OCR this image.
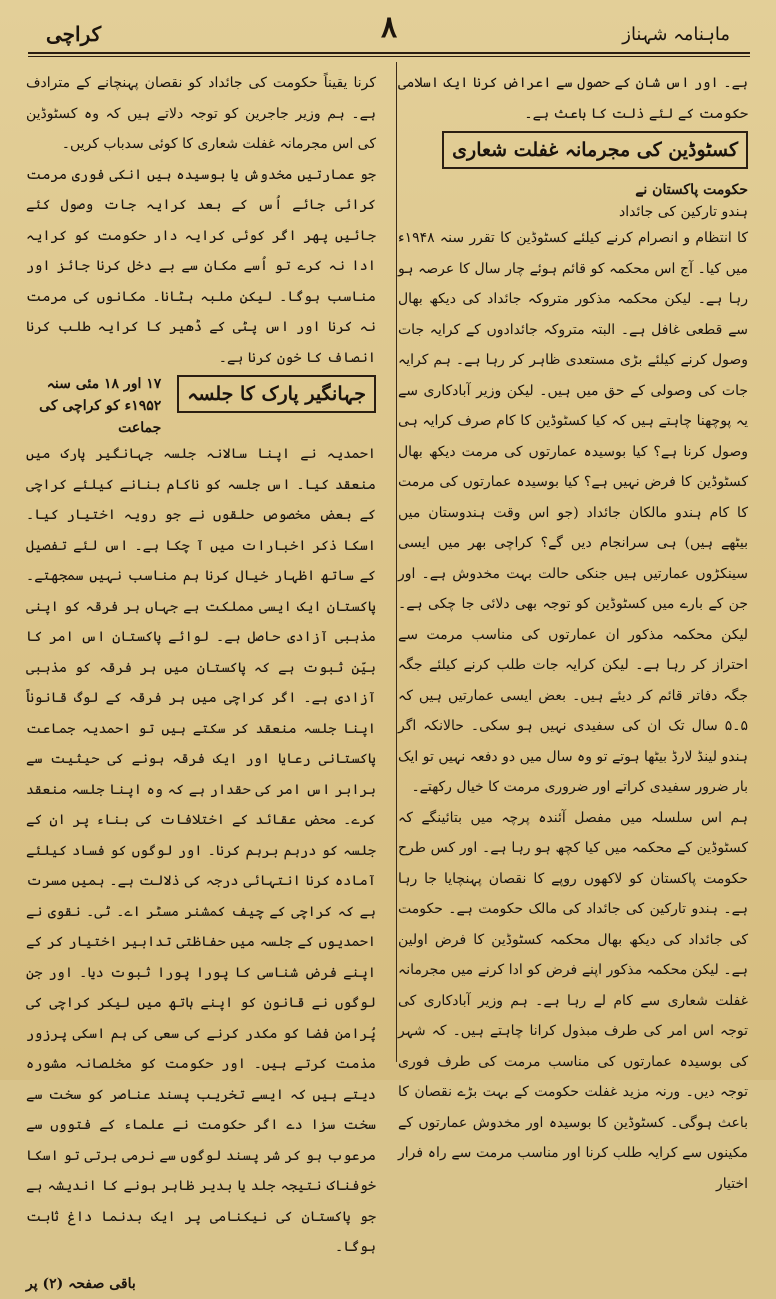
ماہنامہ شہناز
۸
کراچی

ہے۔ اور اس شان کے حصول سے اعراض کرنا ایک اسلامی حکومت کے لئے ذلت کا باعث ہے۔

کسٹوڈین کی مجرمانہ غفلت شعاری
حکومت پاکستان نے
ہندو تارکین کی جائداد

کا انتظام و انصرام کرنے کیلئے کسٹوڈین کا تقرر سنہ ۱۹۴۸ء میں کیا۔ آج اس محکمہ کو قائم ہوئے چار سال کا عرصہ ہو رہا ہے۔ لیکن محکمہ مذکور متروکہ جائداد کی دیکھ بھال سے قطعی غافل ہے۔ البتہ متروکہ جائدادوں کے کرایہ جات وصول کرنے کیلئے بڑی مستعدی ظاہر کر رہا ہے۔ ہم کرایہ جات کی وصولی کے حق میں ہیں۔ لیکن وزیر آبادکاری سے یہ پوچھنا چاہتے ہیں کہ کیا کسٹوڈین کا کام صرف کرایہ ہی وصول کرنا ہے؟ کیا بوسیدہ عمارتوں کی مرمت دیکھ بھال کسٹوڈین کا فرض نہیں ہے؟ کیا بوسیدہ عمارتوں کی مرمت کا کام ہندو مالکان جائداد (جو اس وقت ہندوستان میں بیٹھے ہیں) ہی سرانجام دیں گے؟ کراچی بھر میں ایسی سینکڑوں عمارتیں ہیں جنکی حالت بہت مخدوش ہے۔ اور جن کے بارے میں کسٹوڈین کو توجہ بھی دلائی جا چکی ہے۔ لیکن محکمہ مذکور ان عمارتوں کی مناسب مرمت سے احتراز کر رہا ہے۔ لیکن کرایہ جات طلب کرنے کیلئے جگہ جگہ دفاتر قائم کر دیئے ہیں۔ بعض ایسی عمارتیں ہیں کہ ۵۔۵ سال تک ان کی سفیدی نہیں ہو سکی۔ حالانکہ اگر ہندو لینڈ لارڈ بیٹھا ہوتے تو وہ سال میں دو دفعہ نہیں تو ایک بار ضرور سفیدی کراتے اور ضروری مرمت کا خیال رکھتے۔

ہم اس سلسلہ میں مفصل آئندہ پرچہ میں بتائینگے کہ کسٹوڈین کے محکمہ میں کیا کچھ ہو رہا ہے۔ اور کس طرح حکومت پاکستان کو لاکھوں روپے کا نقصان پہنچایا جا رہا ہے۔ ہندو تارکین کی جائداد کی مالک حکومت ہے۔ حکومت کی جائداد کی دیکھ بھال محکمہ کسٹوڈین کا فرض اولین ہے۔ لیکن محکمہ مذکور اپنے فرض کو ادا کرنے میں مجرمانہ غفلت شعاری سے کام لے رہا ہے۔ ہم وزیر آبادکاری کی توجہ اس امر کی طرف مبذول کرانا چاہتے ہیں۔ کہ شہر کی بوسیدہ عمارتوں کی مناسب مرمت کی طرف فوری توجہ دیں۔ ورنہ مزید غفلت حکومت کے بہت بڑے نقصان کا باعث ہوگی۔ کسٹوڈین کا بوسیدہ اور مخدوش عمارتوں کے مکینوں سے کرایہ طلب کرنا اور مناسب مرمت سے راہ فرار اختیار

کرنا یقیناً حکومت کی جائداد کو نقصان پہنچانے کے مترادف ہے۔ ہم وزیر جاجرین کو توجہ دلاتے ہیں کہ وہ کسٹوڈین کی اس مجرمانہ غفلت شعاری کا کوئی سدباب کریں۔

جو عمارتیں مخدوش یا بوسیدہ ہیں انکی فوری مرمت کرائی جائے اُس کے بعد کرایہ جات وصول کئے جائیں پھر اگر کوئی کرایہ دار حکومت کو کرایہ ادا نہ کرے تو اُسے مکان سے بے دخل کرنا جائز اور مناسب ہوگا۔ لیکن ملبہ ہٹانا۔ مکانوں کی مرمت نہ کرنا اور اس پٹی کے ڈھیر کا کرایہ طلب کرنا انصاف کا خون کرنا ہے۔

جہانگیر پارک کا جلسہ
۱۷ اور ۱۸ مئی سنہ ۱۹۵۲ء کو کراچی کی جماعت

احمدیہ نے اپنا سالانہ جلسہ جہانگیر پارک میں منعقد کیا۔ اس جلسہ کو ناکام بنانے کیلئے کراچی کے بعض مخصوص حلقوں نے جو رویہ اختیار کیا۔ اسکا ذکر اخبارات میں آ چکا ہے۔ اس لئے تفصیل کے ساتھ اظہار خیال کرنا ہم مناسب نہیں سمجھتے۔ پاکستان ایک ایسی مملکت ہے جہاں ہر فرقہ کو اپنی مذہبی آزادی حاصل ہے۔ لوائے پاکستان اس امر کا بیّن ثبوت ہے کہ پاکستان میں ہر فرقہ کو مذہبی آزادی ہے۔ اگر کراچی میں ہر فرقہ کے لوگ قانوناً اپنا جلسہ منعقد کر سکتے ہیں تو احمدیہ جماعت پاکستانی رعایا اور ایک فرقہ ہونے کی حیثیت سے برابر اس امر کی حقدار ہے کہ وہ اپنا جلسہ منعقد کرے۔ محض عقائد کے اختلافات کی بناء پر ان کے جلسہ کو درہم برہم کرنا۔ اور لوگوں کو فساد کیلئے آمادہ کرنا انتہائی درجہ کی ذلالت ہے۔ ہمیں مسرت ہے کہ کراچی کے چیف کمشنر مسٹر اے۔ ٹی۔ نقوی نے احمدیوں کے جلسہ میں حفاظتی تدابیر اختیار کر کے اپنے فرض شناسی کا پورا پورا ثبوت دیا۔ اور جن لوگوں نے قانون کو اپنے ہاتھ میں لیکر کراچی کی پُرامن فضا کو مکدر کرنے کی سعی کی ہم اسکی پرزور مذمت کرتے ہیں۔ اور حکومت کو مخلصانہ مشورہ دیتے ہیں کہ ایسے تخریب پسند عناصر کو سخت سے سخت سزا دے اگر حکومت نے علماء کے فتووں سے مرعوب ہو کر شر پسند لوگوں سے نرمی برتی تو اسکا خوفناک نتیجہ جلد یا بدیر ظاہر ہونے کا اندیشہ ہے جو پاکستان کی نیکنامی پر ایک بدنما داغ ثابت ہوگا۔

باقی صفحہ (۲) پر
